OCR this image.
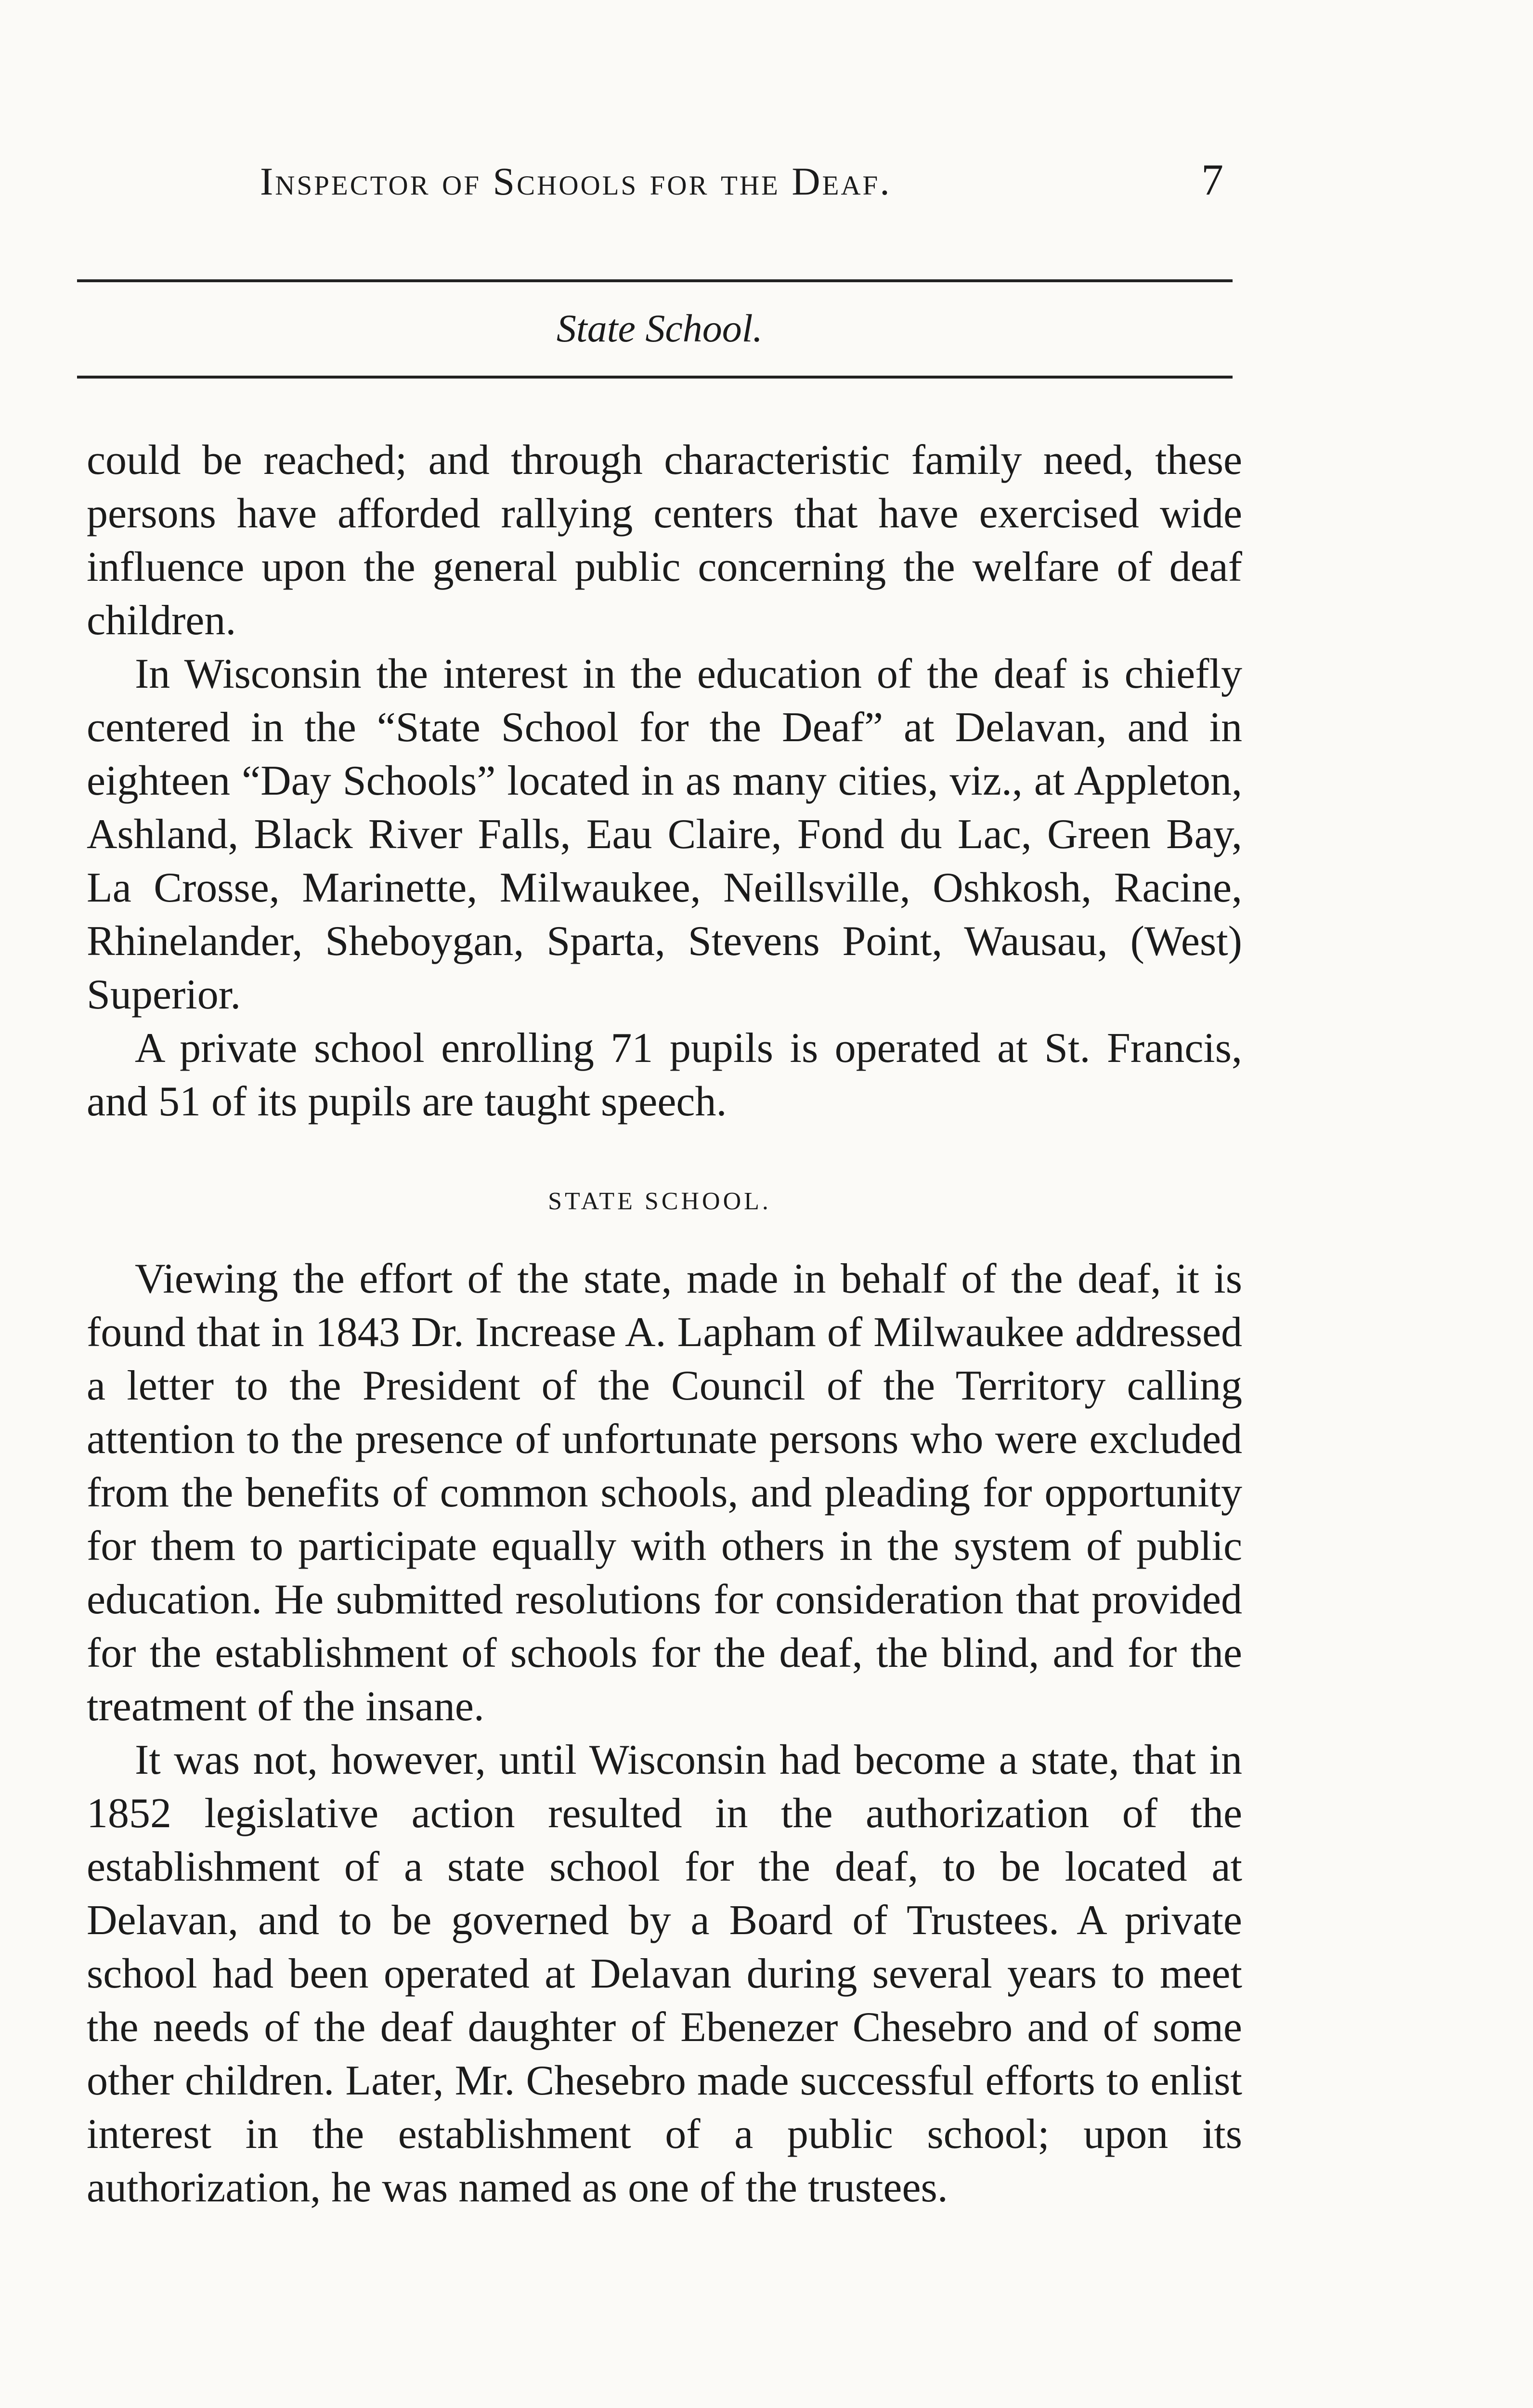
Inspector of Schools for the Deaf.	7
State School.

could be reached; and through characteristic family need, these persons have afforded rallying centers that have exercised wide influence upon the general public concerning the welfare of deaf children.

In Wisconsin the interest in the education of the deaf is chiefly centered in the “State School for the Deaf” at Delavan, and in eighteen “Day Schools” located in as many cities, viz., at Appleton, Ashland, Black River Falls, Eau Claire, Fond du Lac, Green Bay, La Crosse, Marinette, Milwaukee, Neillsville, Oshkosh, Racine, Rhinelander, Sheboygan, Sparta, Stevens Point, Wausau, (West) Superior.

A private school enrolling 71 pupils is operated at St. Francis, and 51 of its pupils are taught speech.

STATE SCHOOL.

Viewing the effort of the state, made in behalf of the deaf, it is found that in 1843 Dr. Increase A. Lapham of Milwaukee addressed a letter to the President of the Council of the Territory calling attention to the presence of unfortunate persons who were excluded from the benefits of common schools, and pleading for opportunity for them to participate equally with others in the system of public education. He submitted resolutions for consideration that provided for the establishment of schools for the deaf, the blind, and for the treatment of the insane.

It was not, however, until Wisconsin had become a state, that in 1852 legislative action resulted in the authorization of the establishment of a state school for the deaf, to be located at Delavan, and to be governed by a Board of Trustees. A private school had been operated at Delavan during several years to meet the needs of the deaf daughter of Ebenezer Chesebro and of some other children. Later, Mr. Chesebro made successful efforts to enlist interest in the establishment of a public school; upon its authorization, he was named as one of the trustees.
